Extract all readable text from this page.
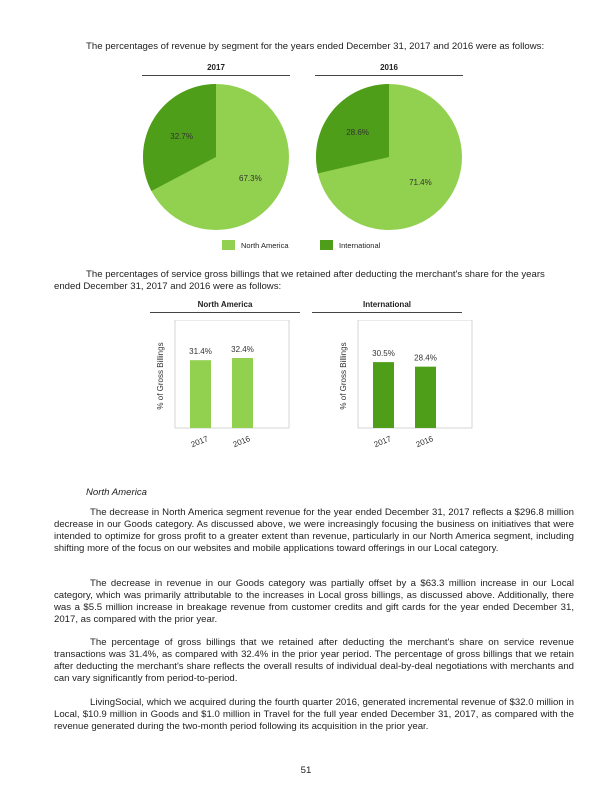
The percentages of revenue by segment for the years ended December 31, 2017 and 2016 were as follows:
2017	2016
67.3%
32.7%
71.4%
28.6%
North America	International
The percentages of service gross billings that we retained after deducting the merchant's share for the years
ended December 31, 2017 and 2016 were as follows:
North America	International
% of Gross Billings	31.4%
2017
32.4%
2016
% of Gross Billings	30.5%
2017
28.4%
2016
North America
The decrease in North America segment revenue for the year ended December 31, 2017 reflects a $296.8 million decrease in our Goods category. As discussed above, we were increasingly focusing the business on initiatives that were intended to optimize for gross profit to a greater extent than revenue, particularly in our North America segment, including shifting more of the focus on our websites and mobile applications toward offerings in our Local category.
The decrease in revenue in our Goods category was partially offset by a $63.3 million increase in our Local category, which was primarily attributable to the increases in Local gross billings, as discussed above. Additionally, there was a $5.5 million increase in breakage revenue from customer credits and gift cards for the year ended December 31, 2017, as compared with the prior year.
The percentage of gross billings that we retained after deducting the merchant's share on service revenue transactions was 31.4%, as compared with 32.4% in the prior year period. The percentage of gross billings that we retain after deducting the merchant's share reflects the overall results of individual deal-by-deal negotiations with merchants and can vary significantly from period-to-period.
LivingSocial, which we acquired during the fourth quarter 2016, generated incremental revenue of $32.0 million in Local, $10.9 million in Goods and $1.0 million in Travel for the full year ended December 31, 2017, as compared with the revenue generated during the two-month period following its acquisition in the prior year.
51
